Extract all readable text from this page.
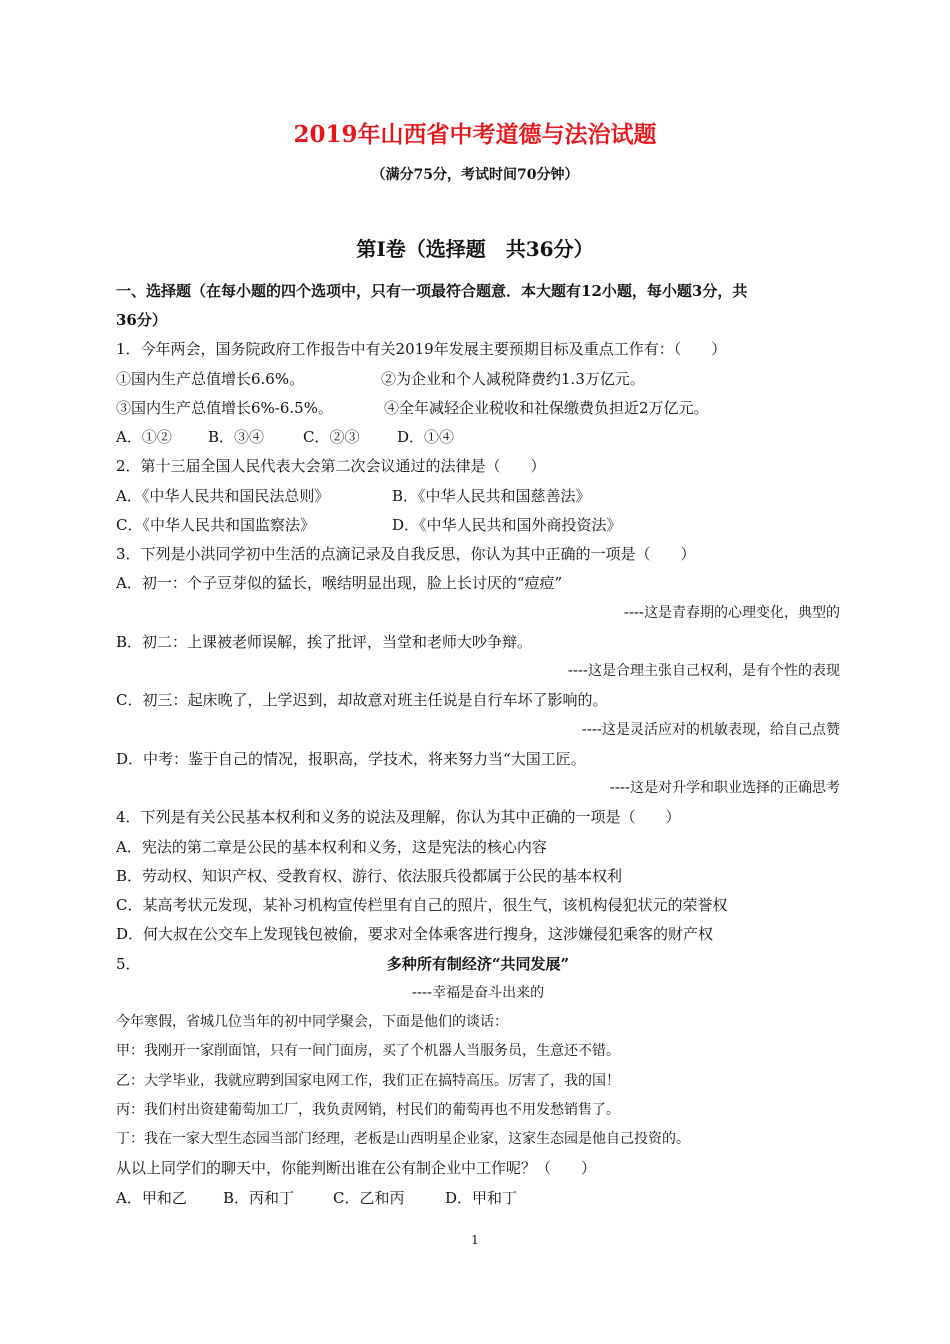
2019年山西省中考道德与法治试题
（满分75分，考试时间70分钟）
第Ⅰ卷（选择题　共36分）
一、选择题（在每小题的四个选项中，只有一项最符合题意．本大题有12小题，每小题3分，共
36分）
1．今年两会，国务院政府工作报告中有关2019年发展主要预期目标及重点工作有：（　　）
①国内生产总值增长6.6%。	②为企业和个人减税降费约1.3万亿元。
③国内生产总值增长6%-6.5%。	④全年减轻企业税收和社保缴费负担近2万亿元。
A．①② B．③④	C．②③	D．①④
2．第十三届全国人民代表大会第二次会议通过的法律是（　　）
A．《中华人民共和国民法总则》	B．《中华人民共和国慈善法》
C．《中华人民共和国监察法》	D．《中华人民共和国外商投资法》
3．下列是小洪同学初中生活的点滴记录及自我反思，你认为其中正确的一项是（　　）
A．初一：个子豆芽似的猛长，喉结明显出现，脸上长讨厌的“痘痘”
----这是青春期的心理变化，典型的
B．初二：上课被老师误解，挨了批评，当堂和老师大吵争辩。
----这是合理主张自己权利，是有个性的表现
C．初三：起床晚了，上学迟到，却故意对班主任说是自行车坏了影响的。
----这是灵活应对的机敏表现，给自己点赞
D．中考：鉴于自己的情况，报职高，学技术，将来努力当“大国工匠。
----这是对升学和职业选择的正确思考
4．下列是有关公民基本权利和义务的说法及理解，你认为其中正确的一项是（　　）
A．宪法的第二章是公民的基本权利和义务，这是宪法的核心内容
B．劳动权、知识产权、受教育权、游行、依法服兵役都属于公民的基本权利
C．某高考状元发现，某补习机构宣传栏里有自己的照片，很生气，该机构侵犯状元的荣誉权
D．何大叔在公交车上发现钱包被偷，要求对全体乘客进行搜身，这涉嫌侵犯乘客的财产权
5．	多种所有制经济“共同发展”
----幸福是奋斗出来的
今年寒假，省城几位当年的初中同学聚会，下面是他们的谈话：
甲：我刚开一家削面馆，只有一间门面房，买了个机器人当服务员，生意还不错。
乙：大学毕业，我就应聘到国家电网工作，我们正在搞特高压。厉害了，我的国！
丙：我们村出资建葡萄加工厂，我负责网销，村民们的葡萄再也不用发愁销售了。
丁：我在一家大型生态园当部门经理，老板是山西明星企业家，这家生态园是他自己投资的。
从以上同学们的聊天中，你能判断出谁在公有制企业中工作呢？（　　）
A．甲和乙 B．丙和丁	C．乙和丙	D．甲和丁
1
